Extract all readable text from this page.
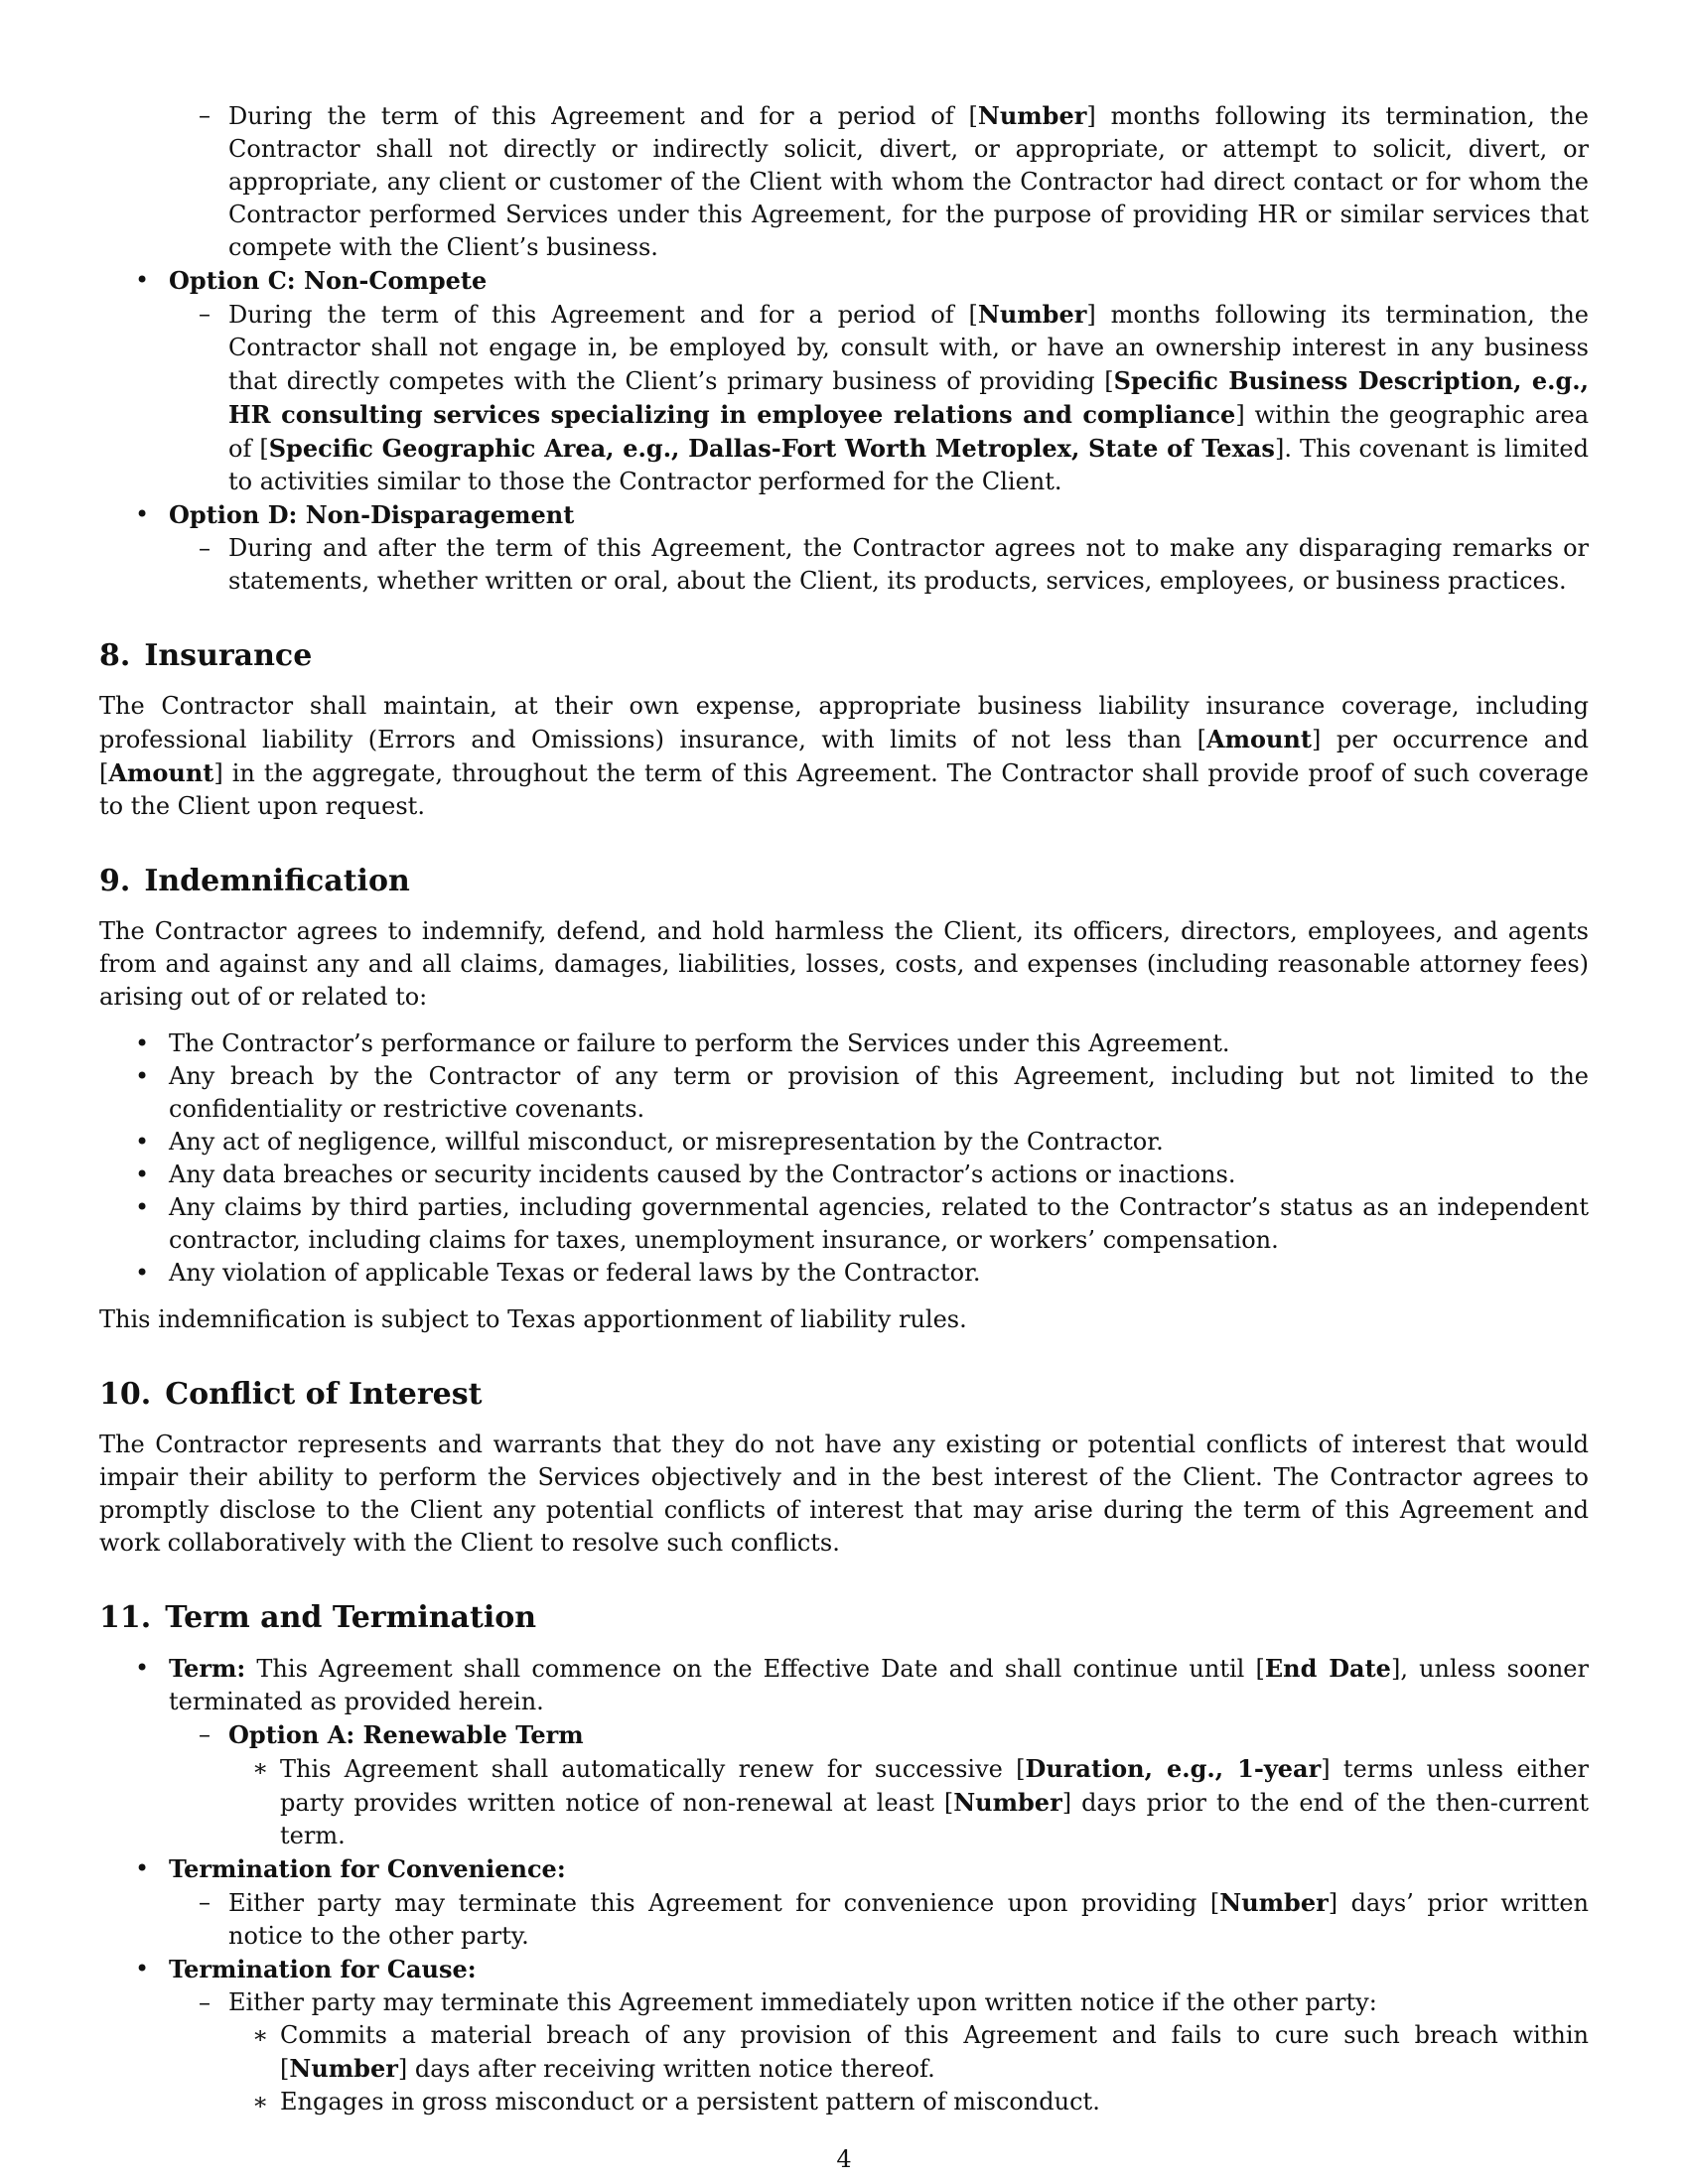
– During the term of this Agreement and for a period of [Number] months following its termination, the Contractor shall not directly or indirectly solicit, divert, or appropriate, or attempt to solicit, divert, or appropriate, any client or customer of the Client with whom the Contractor had direct contact or for whom the Contractor performed Services under this Agreement, for the purpose of providing HR or similar services that compete with the Client’s business.
• Option C: Non-Compete
– During the term of this Agreement and for a period of [Number] months following its termination, the Contractor shall not engage in, be employed by, consult with, or have an ownership interest in any business that directly competes with the Client’s primary business of providing [Specific Business Description, e.g., HR consulting services specializing in employee relations and compliance] within the geographic area of [Specific Geographic Area, e.g., Dallas-Fort Worth Metroplex, State of Texas]. This covenant is limited to activities similar to those the Contractor performed for the Client.
• Option D: Non-Disparagement
– During and after the term of this Agreement, the Contractor agrees not to make any disparaging remarks or statements, whether written or oral, about the Client, its products, services, employees, or business practices.
8. Insurance

The Contractor shall maintain, at their own expense, appropriate business liability insurance coverage, including professional liability (Errors and Omissions) insurance, with limits of not less than [Amount] per occurrence and [Amount] in the aggregate, throughout the term of this Agreement. The Contractor shall provide proof of such coverage to the Client upon request.

9. Indemnification

The Contractor agrees to indemnify, defend, and hold harmless the Client, its officers, directors, employees, and agents from and against any and all claims, damages, liabilities, losses, costs, and expenses (including reasonable attorney fees) arising out of or related to:

• The Contractor’s performance or failure to perform the Services under this Agreement.
• Any breach by the Contractor of any term or provision of this Agreement, including but not limited to the confidentiality or restrictive covenants.
• Any act of negligence, willful misconduct, or misrepresentation by the Contractor.
• Any data breaches or security incidents caused by the Contractor’s actions or inactions.
• Any claims by third parties, including governmental agencies, related to the Contractor’s status as an independent contractor, including claims for taxes, unemployment insurance, or workers’ compensation.
• Any violation of applicable Texas or federal laws by the Contractor.

This indemnification is subject to Texas apportionment of liability rules.

10. Conflict of Interest

The Contractor represents and warrants that they do not have any existing or potential conflicts of interest that would impair their ability to perform the Services objectively and in the best interest of the Client. The Contractor agrees to promptly disclose to the Client any potential conflicts of interest that may arise during the term of this Agreement and work collaboratively with the Client to resolve such conflicts.

11. Term and Termination
• Term: This Agreement shall commence on the Effective Date and shall continue until [End Date], unless sooner terminated as provided herein.
– Option A: Renewable Term
∗ This Agreement shall automatically renew for successive [Duration, e.g., 1-year] terms unless either party provides written notice of non-renewal at least [Number] days prior to the end of the then-current term.
• Termination for Convenience:
– Either party may terminate this Agreement for convenience upon providing [Number] days’ prior written notice to the other party.
• Termination for Cause:
– Either party may terminate this Agreement immediately upon written notice if the other party:
∗ Commits a material breach of any provision of this Agreement and fails to cure such breach within [Number] days after receiving written notice thereof.
∗ Engages in gross misconduct or a persistent pattern of misconduct.
4
